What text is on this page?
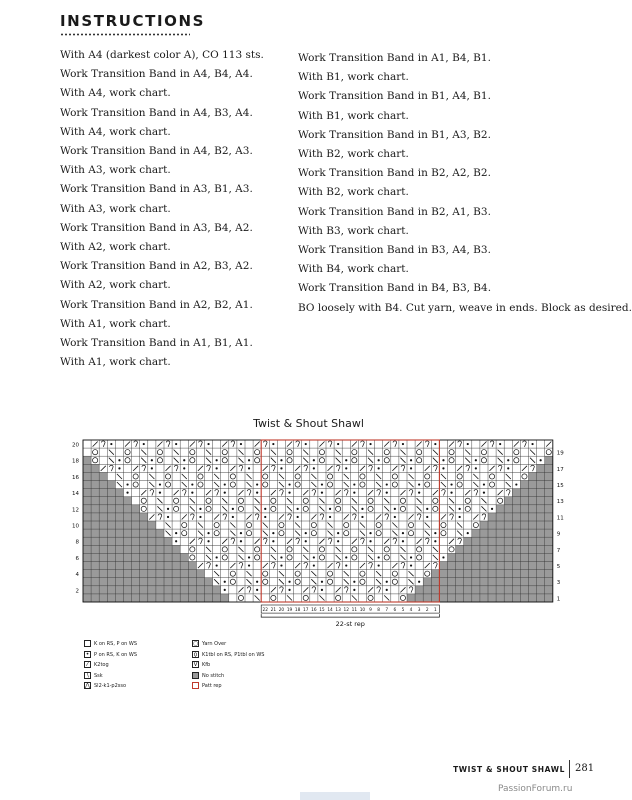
INSTRUCTIONS
With A4 (darkest color A), CO 113 sts.
Work Transition Band in A4, B4, A4.
With A4, work chart.
Work Transition Band in A4, B3, A4.
With A4, work chart.
Work Transition Band in A4, B2, A3.
With A3, work chart.
Work Transition Band in A3, B1, A3.
With A3, work chart.
Work Transition Band in A3, B4, A2.
With A2, work chart.
Work Transition Band in A2, B3, A2.
With A2, work chart.
Work Transition Band in A2, B2, A1.
With A1, work chart.
Work Transition Band in A1, B1, A1.
With A1, work chart.
Work Transition Band in A1, B4, B1.
With B1, work chart.
Work Transition Band in B1, A4, B1.
With B1, work chart.
Work Transition Band in B1, A3, B2.
With B2, work chart.
Work Transition Band in B2, A2, B2.
With B2, work chart.
Work Transition Band in B2, A1, B3.
With B3, work chart.
Work Transition Band in B3, A4, B3.
With B4, work chart.
Work Transition Band in B4, B3, B4.
BO loosely with B4. Cut yarn, weave in ends. Block as desired.
Twist & Shout Shawl
20
18
16
14
12
10
8
6
4
2
19
17
15
13
11
9
7
5
3
1
22 21 20 19 18 17 16 15 14 13 12 11 10 9 8 7 6 5 4 3 2 1
22-st rep
K on RS, P on WS
• P on RS, K on WS
⁄	K2tog
∖ Ssk
⋀ Sl2-k1-p2sso
○ Yarn Over
ϙ K1tbl on RS, P1tbl on WS
V Kfb
No stitch
Patt rep
TWIST & SHOUT SHAWL 281
PassionForum.ru
